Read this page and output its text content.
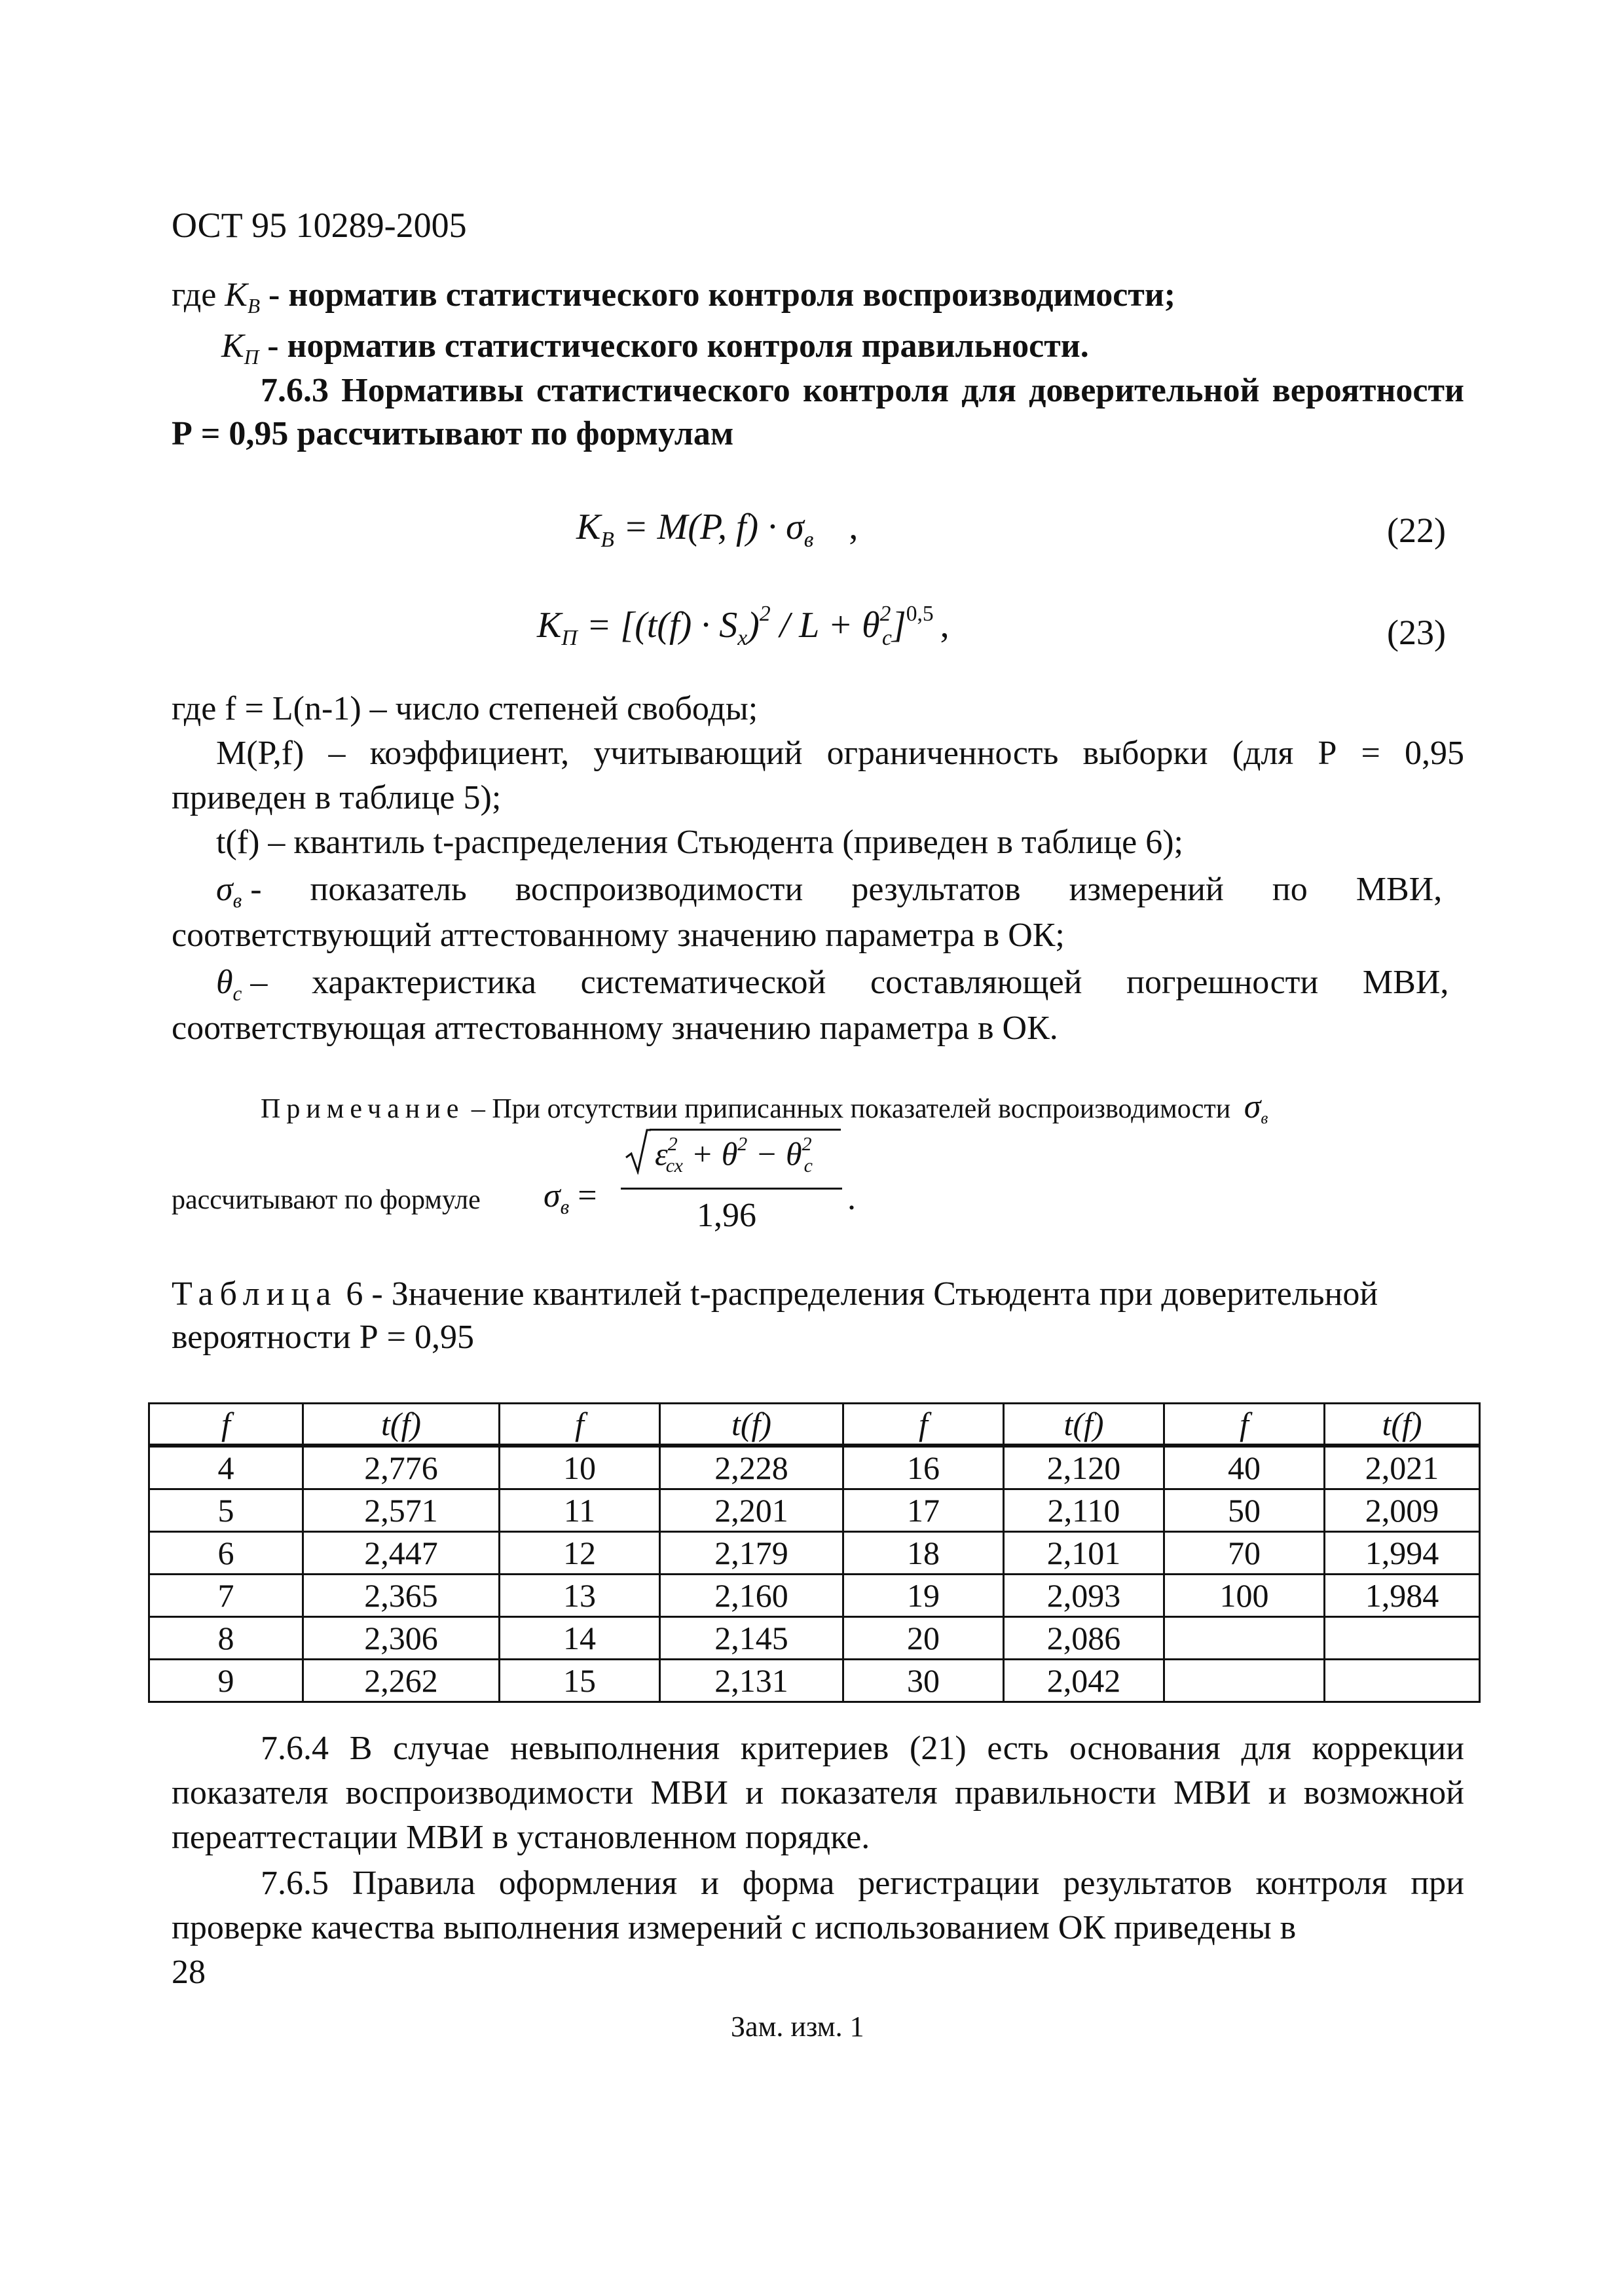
ОСТ 95 10289-2005
где $K_В$ - норматив статистического контроля воспроизводимости;
$K_П$ - норматив статистического контроля правильности.
7.6.3 Нормативы статистического контроля для доверительной вероятности
Р = 0,95 рассчитывают по формулам
$K_В = M(P$, $f) \cdot \sigma_в$ ,	(22)
$K_П = [(t(f) \cdot S_x)^2 / L + \theta^2_c]^{0,5}$ ,	(23)
где f = L(n-1) – число степеней свободы;
M(P,f) – коэффициент, учитывающий ограниченность выборки (для Р = 0,95
приведен в таблице 5);
t(f) – квантиль t-распределения Стьюдента (приведен в таблице 6);
$\sigma_в$ - показатель воспроизводимости результатов измерений по МВИ,
соответствующий аттестованному значению параметра в ОК;
$\theta_c$ – характеристика систематической составляющей погрешности МВИ,
соответствующая аттестованному значению параметра в ОК.
Примечание – При отсутствии приписанных показателей воспроизводимости $\sigma_в$
рассчитывают по формуле $\sigma_в$ =
$\varepsilon^2_{сх} + \theta^2 - \theta^2_c$
1,96	.
Таблица 6 - Значение квантилей t-распределения Стьюдента при доверительной
вероятности Р = 0,95
f	t(f)	f	t(f)	f	t(f)	f	t(f)
4	2,776	10	2,228	16	2,120	40	2,021
5	2,571	11	2,201	17	2,110	50	2,009
6	2,447	12	2,179	18	2,101	70	1,994
7	2,365	13	2,160	19	2,093	100	1,984
8	2,306	14	2,145	20	2,086		
9	2,262	15	2,131	30	2,042		
7.6.4 В случае невыполнения критериев (21) есть основания для коррекции
показателя воспроизводимости МВИ и показателя правильности МВИ и возможной
переаттестации МВИ в установленном порядке.
7.6.5 Правила оформления и форма регистрации результатов контроля при
проверке качества выполнения измерений с использованием ОК приведены в
28
Зам. изм. 1
